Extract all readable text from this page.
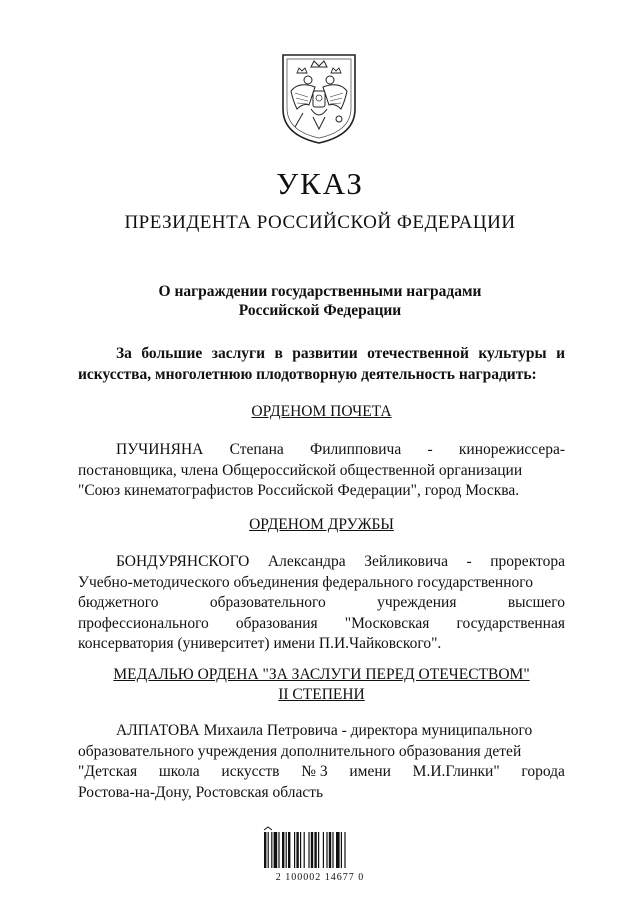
УКАЗ
ПРЕЗИДЕНТА РОССИЙСКОЙ ФЕДЕРАЦИИ
О награждении государственными наградами
Российской Федерации
За большие заслуги в развитии отечественной культуры и
искусства, многолетнюю плодотворную деятельность наградить:
ОРДЕНОМ ПОЧЕТА
ПУЧИНЯНА Степана Филипповича - кинорежиссера-
постановщика, члена Общероссийской общественной организации
"Союз кинематографистов Российской Федерации", город Москва.
ОРДЕНОМ ДРУЖБЫ
БОНДУРЯНСКОГО Александра Зейликовича - проректора
Учебно-методического объединения федерального государственного
бюджетного	образовательного	учреждения	высшего
профессионального образования "Московская государственная
консерватория (университет) имени П.И.Чайковского".
МЕДАЛЬЮ ОРДЕНА "ЗА ЗАСЛУГИ ПЕРЕД ОТЕЧЕСТВОМ"
II СТЕПЕНИ
АЛПАТОВА Михаила Петровича - директора муниципального
образовательного учреждения дополнительного образования детей
"Детская школа искусств № 3 имени М.И.Глинки" города
Ростова-на-Дону, Ростовская область
2 100002 14677 0
